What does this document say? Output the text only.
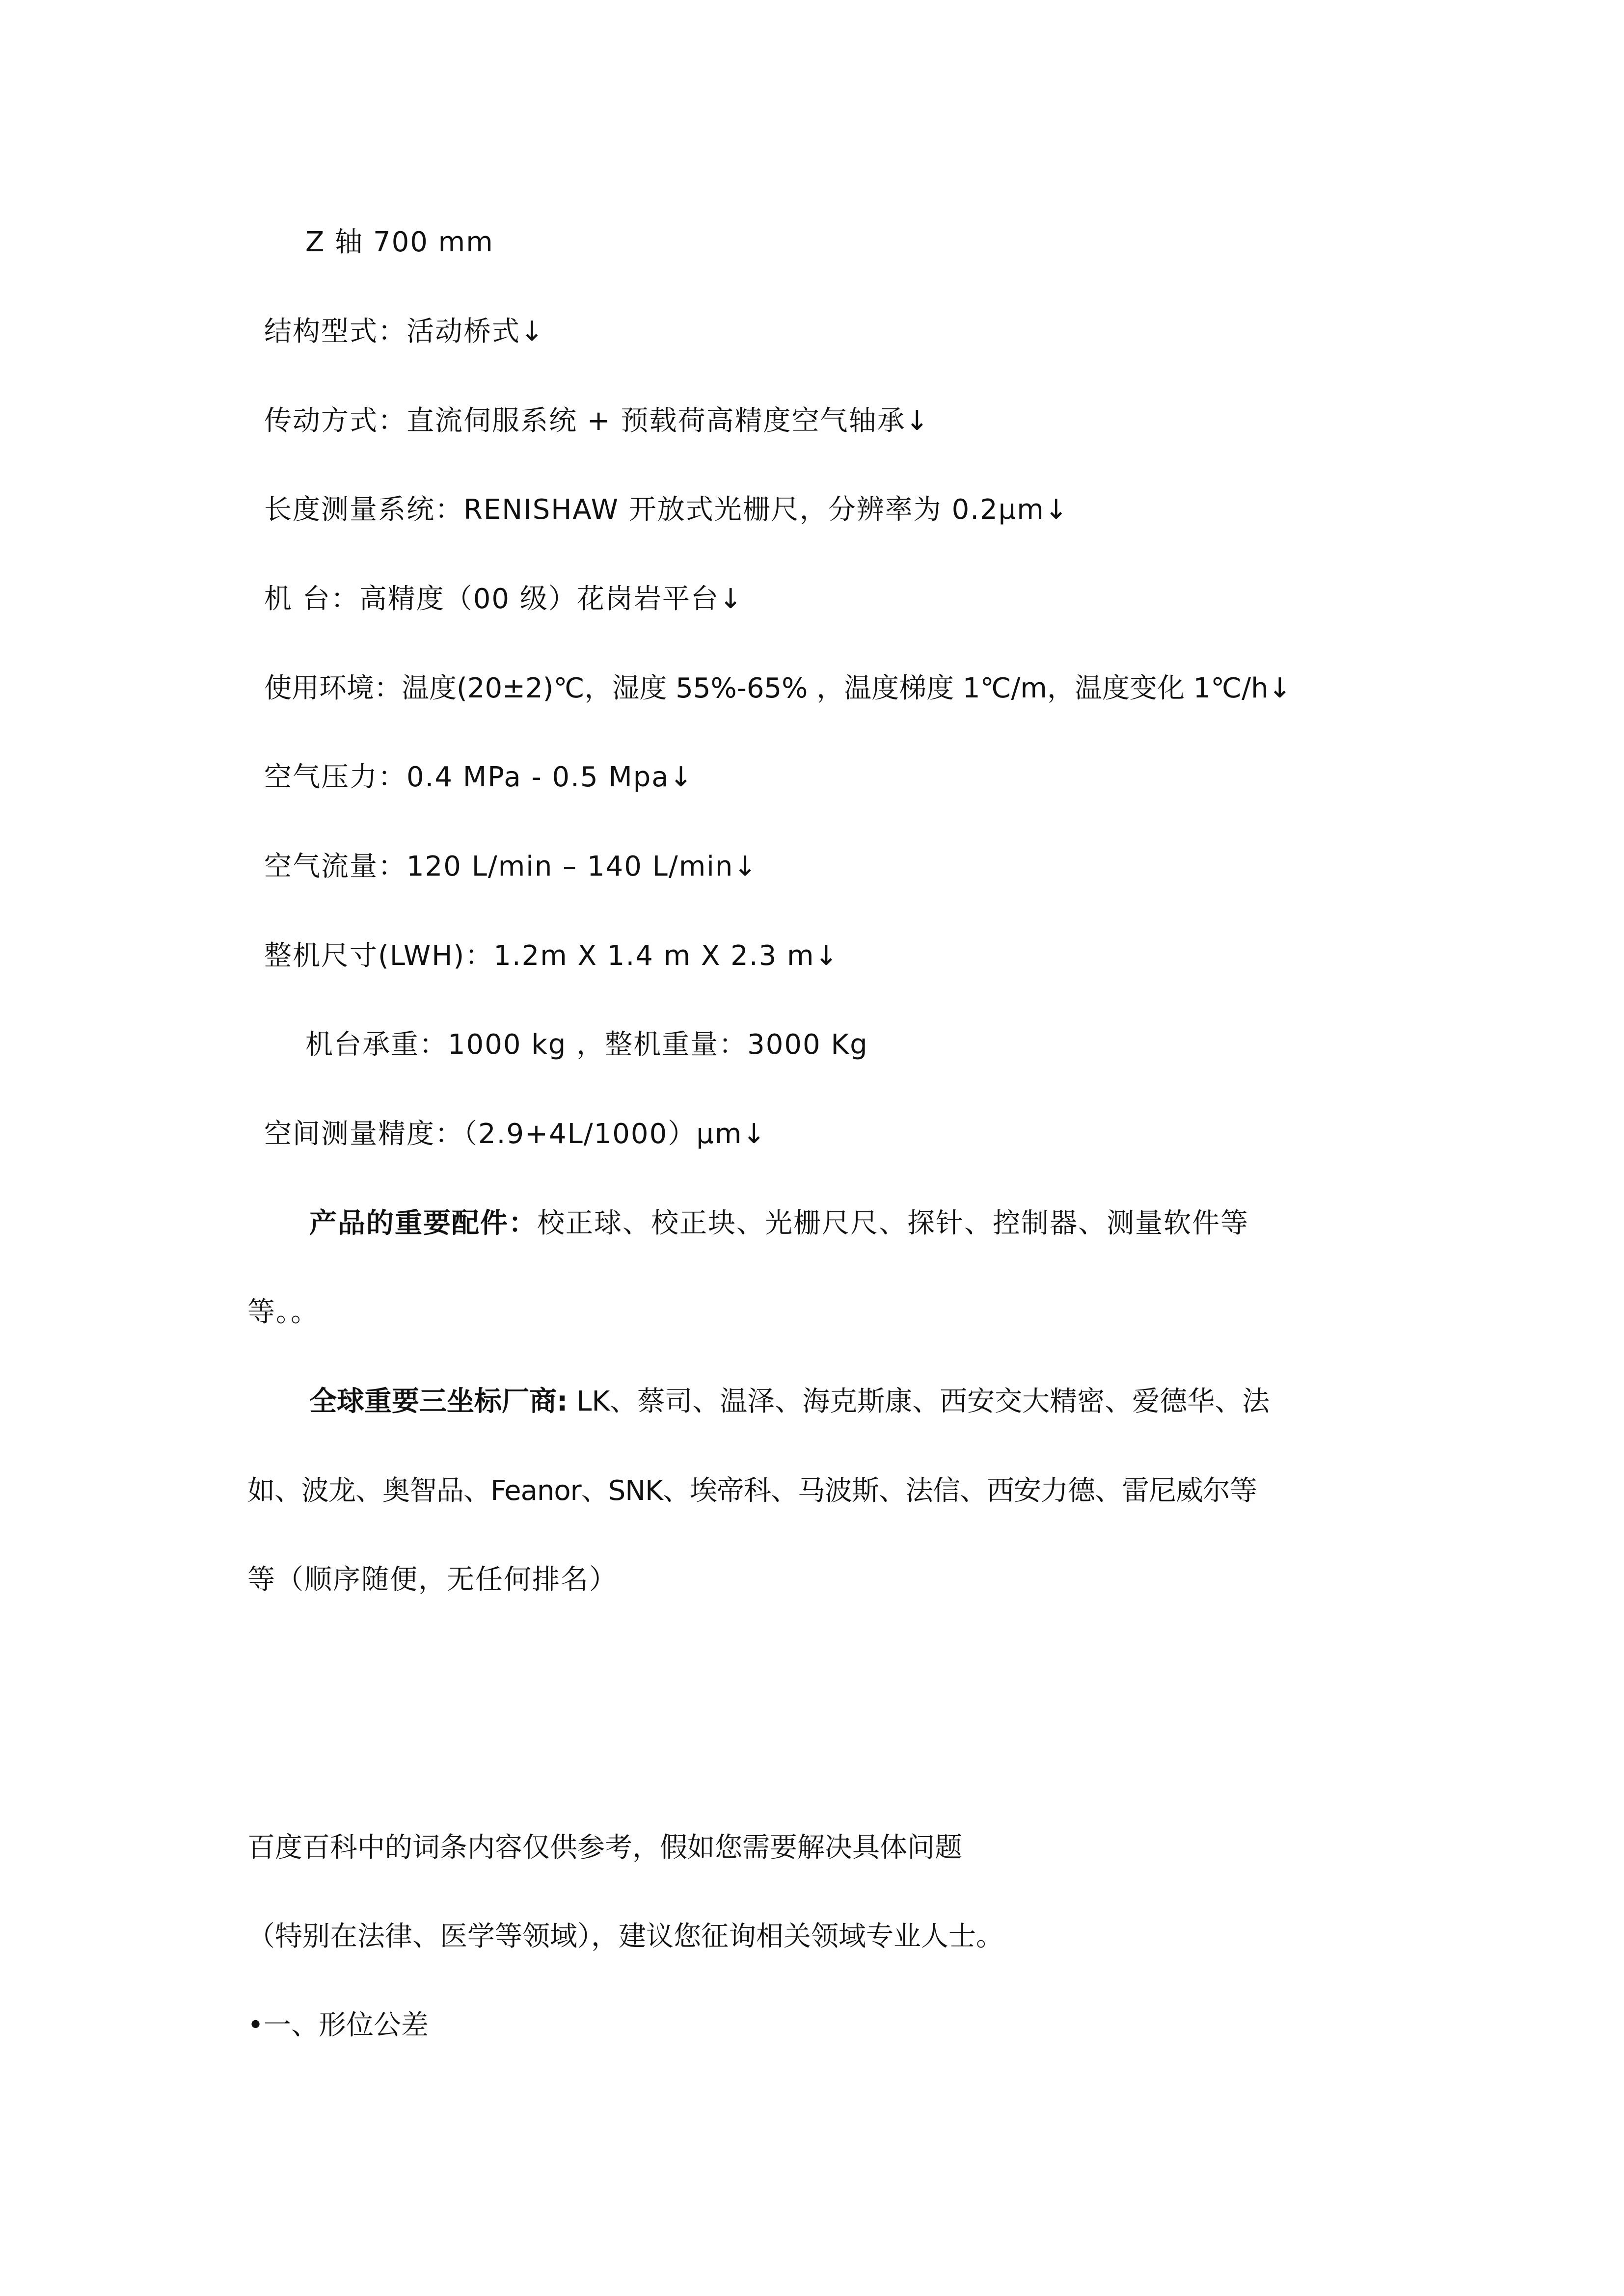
Z 轴 700 mm
结构型式：活动桥式↓
传动方式：直流伺服系统 + 预载荷高精度空气轴承↓
长度测量系统：RENISHAW 开放式光栅尺，分辨率为 0.2μm↓
机 台：高精度（00 级）花岗岩平台↓
使用环境：温度(20±2)℃，湿度 55%-65% ，温度梯度 1℃/m，温度变化 1℃/h↓
空气压力：0.4 MPa - 0.5 Mpa↓
空气流量：120 L/min – 140 L/min↓
整机尺寸(LWH)：1.2m X 1.4 m X 2.3 m↓
机台承重：1000 kg ，整机重量：3000 Kg
空间测量精度：（2.9+4L/1000）μm↓
产品的重要配件：校正球、校正块、光栅尺尺、探针、控制器、测量软件等
等。。
全球重要三坐标厂商: LK、蔡司、温泽、海克斯康、西安交大精密、爱德华、法
如、波龙、奥智品、Feanor、SNK、埃帝科、马波斯、法信、西安力德、雷尼威尔等
等（顺序随便，无任何排名）
百度百科中的词条内容仅供参考，假如您需要解决具体问题
（特别在法律、医学等领域），建议您征询相关领域专业人士。
•一、形位公差
